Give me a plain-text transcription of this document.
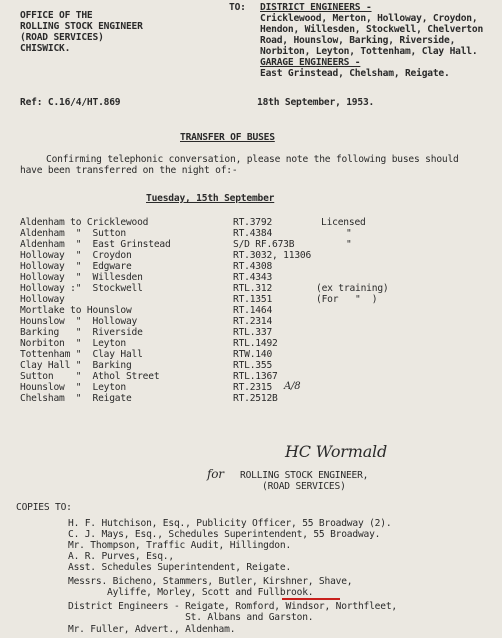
OFFICE OF THE
ROLLING STOCK ENGINEER
(ROAD SERVICES)
CHISWICK.
TO: DISTRICT ENGINEERS -
Cricklewood, Merton, Holloway, Croydon,
Hendon, Willesden, Stockwell, Chelverton
Road, Hounslow, Barking, Riverside,
Norbiton, Leyton, Tottenham, Clay Hall.
GARAGE ENGINEERS -
East Grinstead, Chelsham, Reigate.
Ref: C.16/4/HT.869	18th September, 1953.
TRANSFER OF BUSES
Confirming telephonic conversation, please note the following buses should
have been transferred on the night of:-
Tuesday, 15th September
Aldenham to Cricklewood	RT.3792	Licensed
Aldenham  "  Sutton	RT.4384	"
Aldenham  "  East Grinstead	S/D RF.673B	"
Holloway  "  Croydon	RT.3032, 11306
Holloway  "  Edgware	RT.4308
Holloway  "  Willesden	RT.4343
Holloway :"  Stockwell	RTL.312	(ex training)
Holloway	RT.1351	(For   "  )
Mortlake to Hounslow	RT.1464
Hounslow  "  Holloway	RT.2314
Barking   "  Riverside	RTL.337
Norbiton  "  Leyton	RTL.1492
Tottenham "  Clay Hall	RTW.140
Clay Hall "  Barking	RTL.355
Sutton    "  Athol Street	RTL.1367
Hounslow  "  Leyton	RT.2315 A/8
Chelsham  "  Reigate	RT.2512B
HC Wormald
for ROLLING STOCK ENGINEER,
(ROAD SERVICES)
COPIES TO:
H. F. Hutchison, Esq., Publicity Officer, 55 Broadway (2).
C. J. Mays, Esq., Schedules Superintendent, 55 Broadway.
Mr. Thompson, Traffic Audit, Hillingdon.
A. R. Purves, Esq.,
Asst. Schedules Superintendent, Reigate.
Messrs. Bicheno, Stammers, Butler, Kirshner, Shave,
Ayliffe, Morley, Scott and Fullbrook.
District Engineers - Reigate, Romford, Windsor, Northfleet,
St. Albans and Garston.
Mr. Fuller, Advert., Aldenham.
